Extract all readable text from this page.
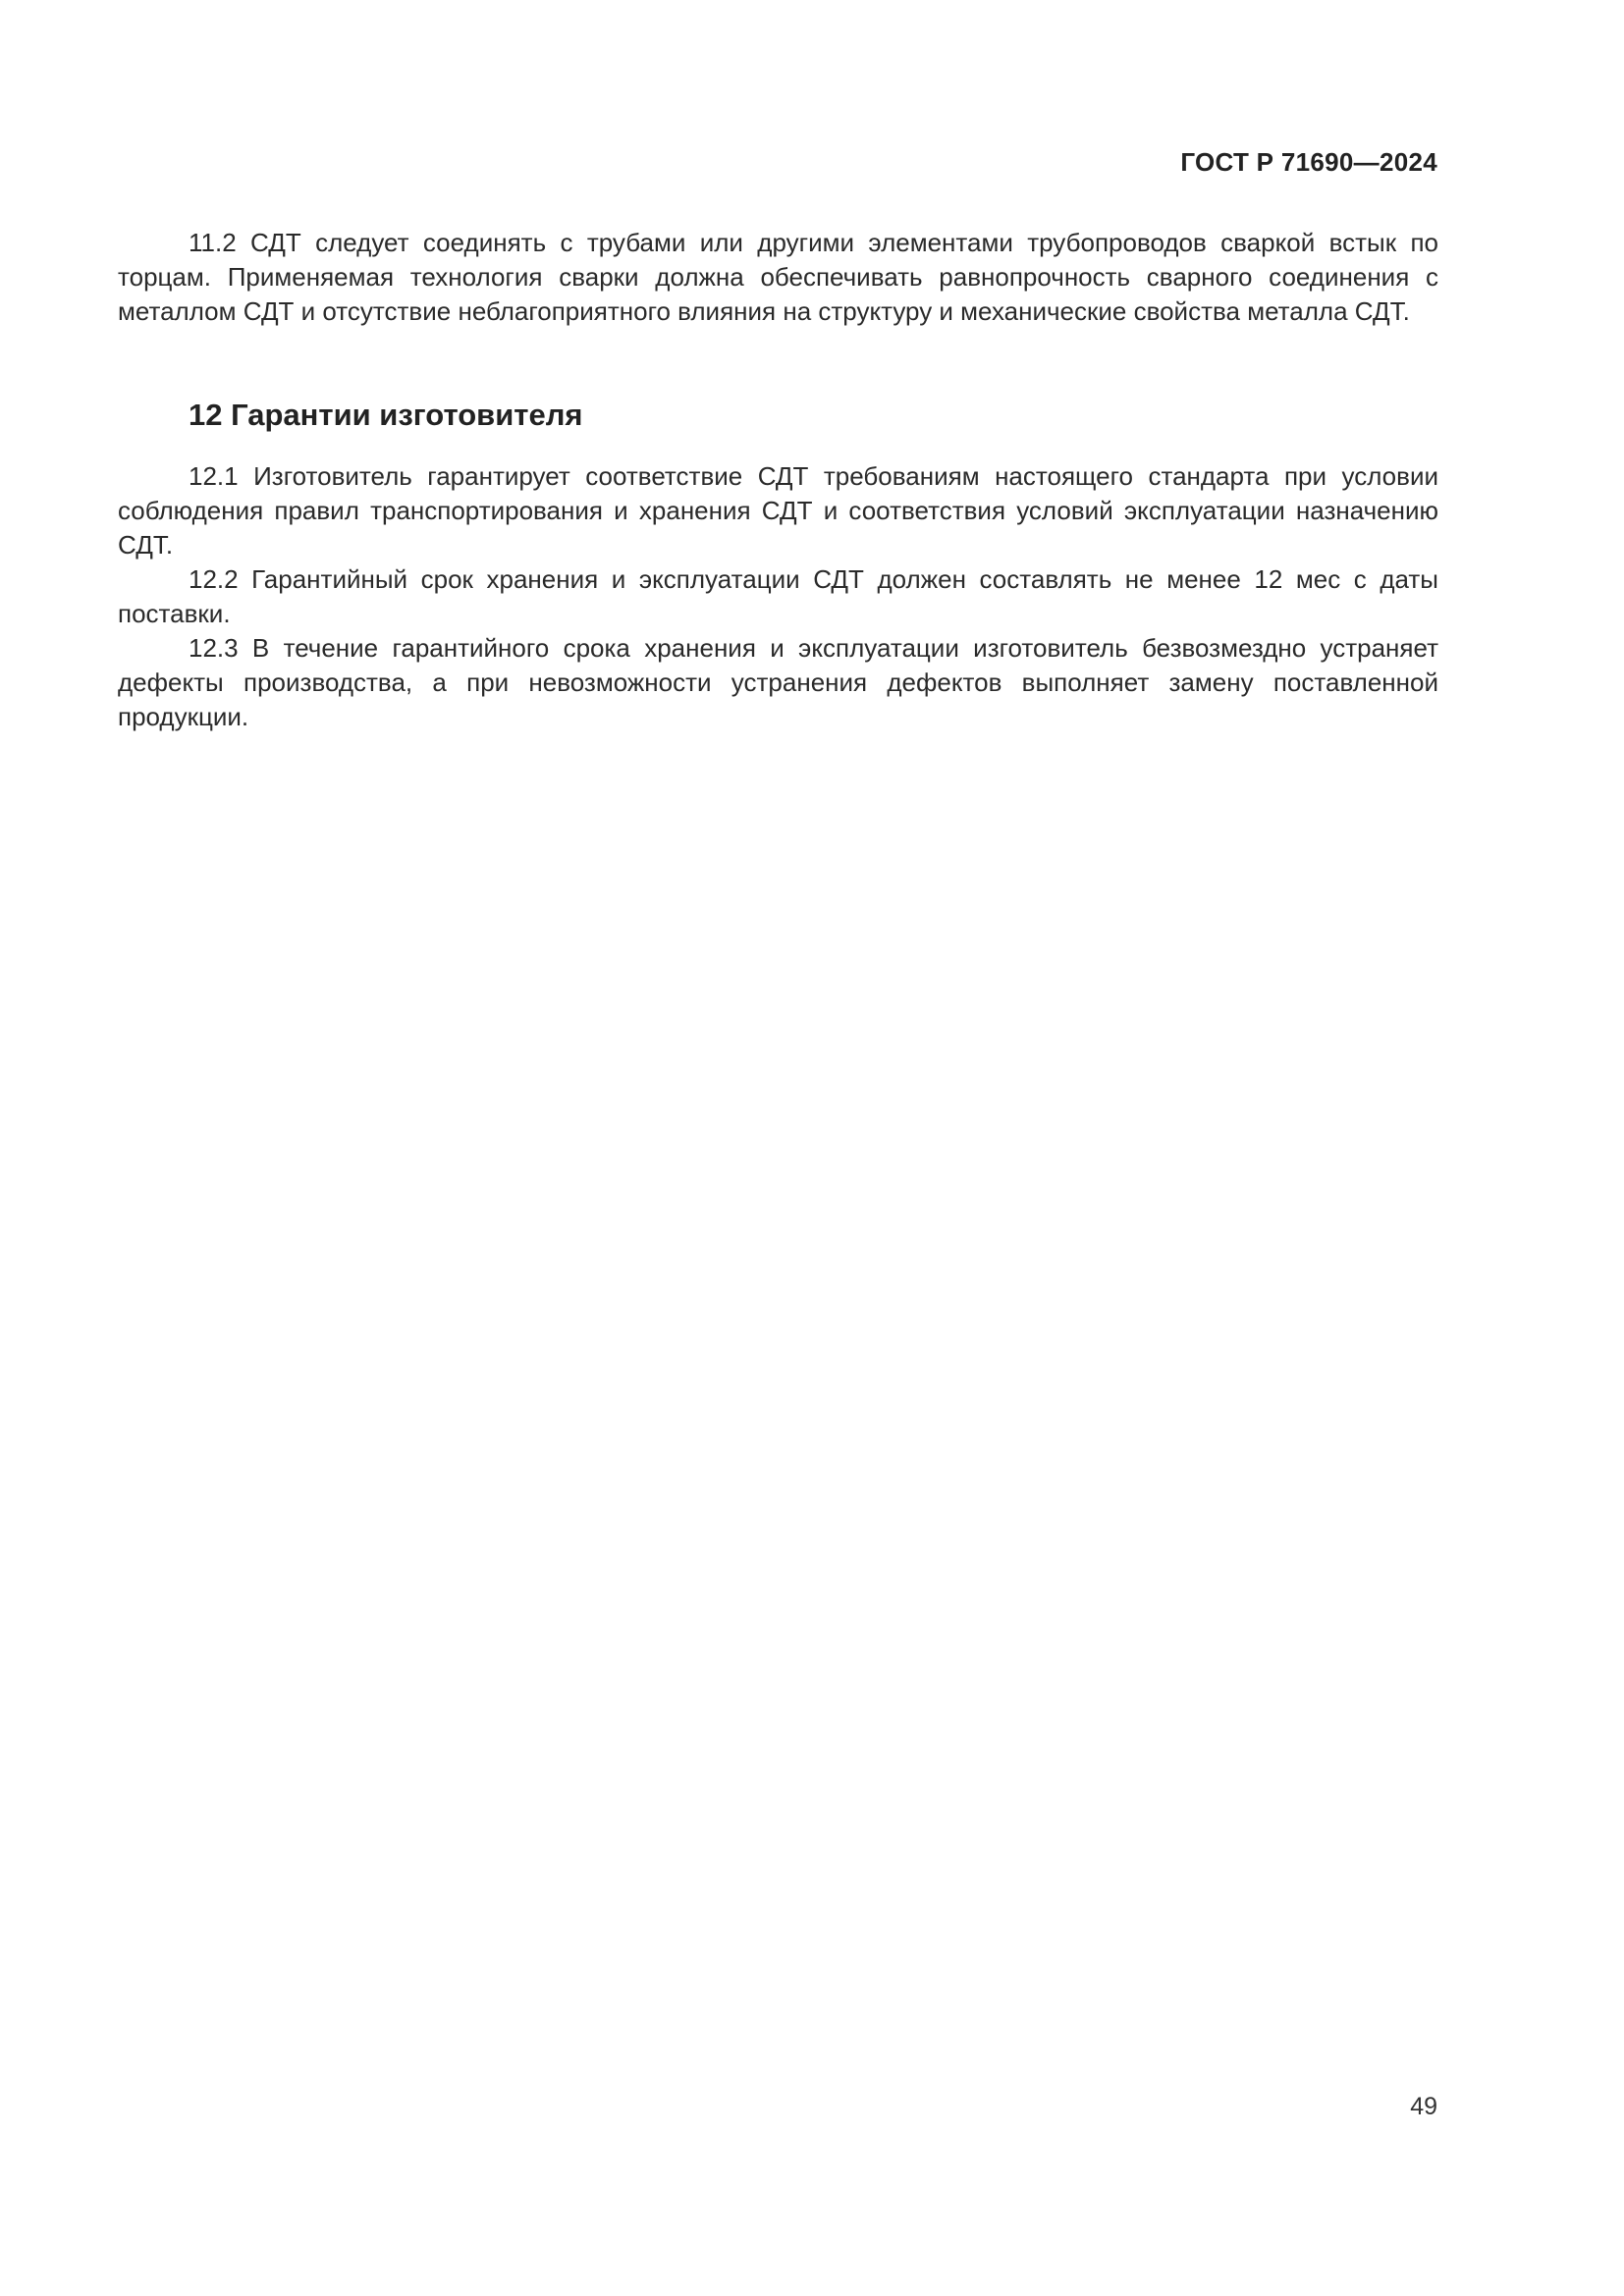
ГОСТ Р 71690—2024

11.2 СДТ следует соединять с трубами или другими элементами трубопроводов сваркой встык по торцам. Применяемая технология сварки должна обеспечивать равнопрочность сварного соединения с металлом СДТ и отсутствие неблагоприятного влияния на структуру и механические свойства металла СДТ.

12 Гарантии изготовителя

12.1 Изготовитель гарантирует соответствие СДТ требованиям настоящего стандарта при условии соблюдения правил транспортирования и хранения СДТ и соответствия условий эксплуатации назначению СДТ.

12.2 Гарантийный срок хранения и эксплуатации СДТ должен составлять не менее 12 мес с даты поставки.

12.3 В течение гарантийного срока хранения и эксплуатации изготовитель безвозмездно устраняет дефекты производства, а при невозможности устранения дефектов выполняет замену поставленной продукции.

49
